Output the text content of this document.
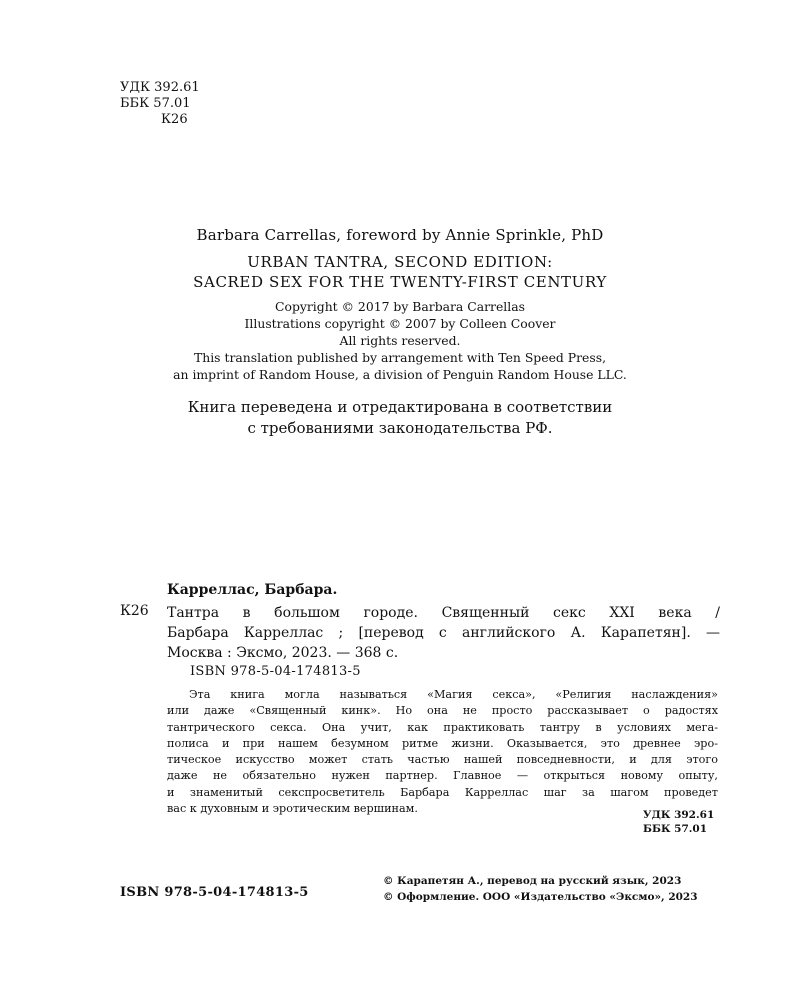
УДК 392.61
ББК 57.01
К26
Barbara Carrellas, foreword by Annie Sprinkle, PhD
URBAN TANTRA, SECOND EDITION:
SACRED SEX FOR THE TWENTY-FIRST CENTURY
Copyright © 2017 by Barbara Carrellas
Illustrations copyright © 2007 by Colleen Coover
All rights reserved.
This translation published by arrangement with Ten Speed Press,
an imprint of Random House, a division of Penguin Random House LLC.
Книга переведена и отредактирована в соответствии
с требованиями законодательства РФ.
Карреллас, Барбара.
К26 Тантра в большом городе. Священный секс XXI века /
Барбара Карреллас ; [перевод с английского А. Карапетян]. —
Москва : Эксмо, 2023. — 368 с.
ISBN 978-5-04-174813-5
Эта книга могла называться «Магия секса», «Религия наслаждения»
или даже «Священный кинк». Но она не просто рассказывает о радостях
тантрического секса. Она учит, как практиковать тантру в условиях мега-
полиса и при нашем безумном ритме жизни. Оказывается, это древнее эро-
тическое искусство может стать частью нашей повседневности, и для этого
даже не обязательно нужен партнер. Главное — открыться новому опыту,
и знаменитый секспросветитель Барбара Карреллас шаг за шагом проведет
вас к духовным и эротическим вершинам.	УДК 392.61
ББК 57.01
ISBN 978-5-04-174813-5
© Карапетян А., перевод на русский язык, 2023
© Оформление. ООО «Издательство «Эксмо», 2023
